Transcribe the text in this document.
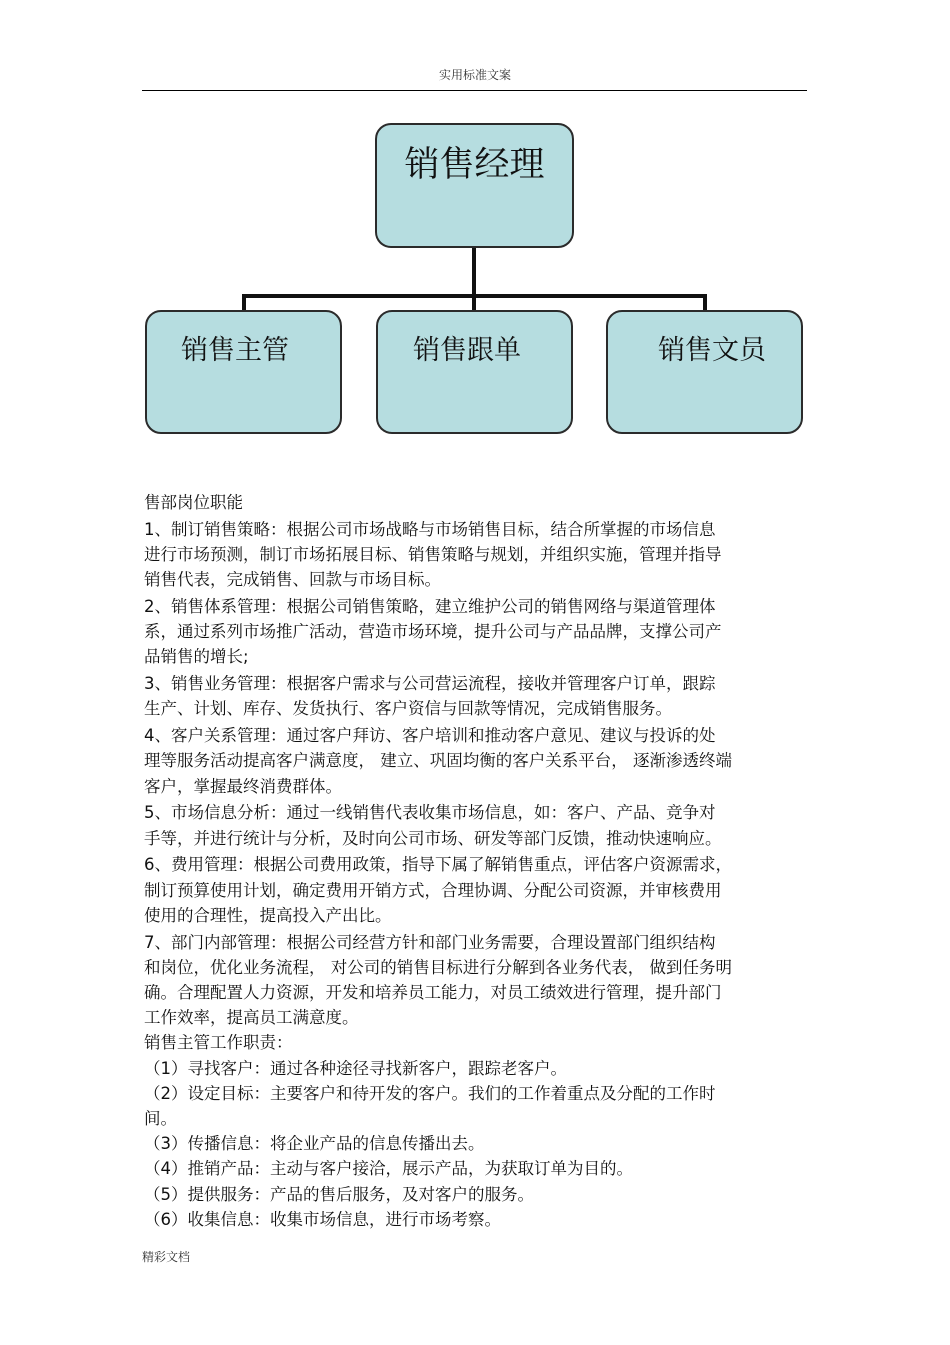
实用标准文案
销售经理
销售主管	销售跟单	销售文员
售部岗位职能
1、制订销售策略：根据公司市场战略与市场销售目标，结合所掌握的市场信息
进行市场预测，制订市场拓展目标、销售策略与规划，并组织实施，管理并指导
销售代表，完成销售、回款与市场目标。
2、销售体系管理：根据公司销售策略，建立维护公司的销售网络与渠道管理体
系，通过系列市场推广活动，营造市场环境，提升公司与产品品牌，支撑公司产
品销售的增长;
3、销售业务管理：根据客户需求与公司营运流程，接收并管理客户订单，跟踪
生产、计划、库存、发货执行、客户资信与回款等情况，完成销售服务。
4、客户关系管理：通过客户拜访、客户培训和推动客户意见、建议与投诉的处
理等服务活动提高客户满意度， 建立、巩固均衡的客户关系平台， 逐渐渗透终端
客户，掌握最终消费群体。
5、市场信息分析：通过一线销售代表收集市场信息，如：客户、产品、竞争对
手等，并进行统计与分析，及时向公司市场、研发等部门反馈，推动快速响应。
6、费用管理：根据公司费用政策，指导下属了解销售重点，评估客户资源需求，
制订预算使用计划，确定费用开销方式，合理协调、分配公司资源，并审核费用
使用的合理性，提高投入产出比。
7、部门内部管理：根据公司经营方针和部门业务需要，合理设置部门组织结构
和岗位，优化业务流程， 对公司的销售目标进行分解到各业务代表， 做到任务明
确。合理配置人力资源，开发和培养员工能力，对员工绩效进行管理，提升部门
工作效率，提高员工满意度。
销售主管工作职责：
（1）寻找客户：通过各种途径寻找新客户，跟踪老客户。
（2）设定目标：主要客户和待开发的客户。我们的工作着重点及分配的工作时
间。
（3）传播信息：将企业产品的信息传播出去。
（4）推销产品：主动与客户接洽，展示产品，为获取订单为目的。
（5）提供服务：产品的售后服务，及对客户的服务。
（6）收集信息：收集市场信息，进行市场考察。
精彩文档
